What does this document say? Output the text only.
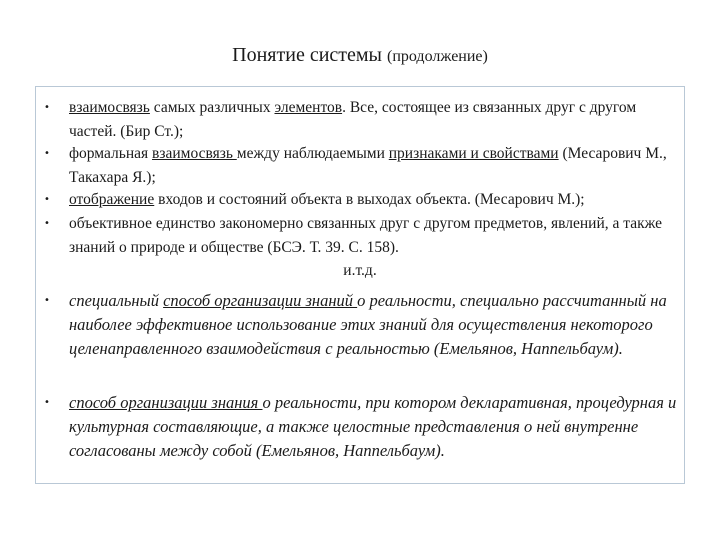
Понятие системы (продолжение)
• взаимосвязь самых различных элементов. Все, состоящее из связанных друг с другом частей. (Бир Ст.);
• формальная взаимосвязь между наблюдаемыми признаками и свойствами (Месарович М., Такахара Я.);
• отображение входов и состояний объекта в выходах объекта. (Месарович М.);
• объективное единство закономерно связанных друг с другом предметов, явлений, а также знаний о природе и обществе (БСЭ. Т. 39. С. 158).
• специальный способ организации знаний о реальности, специально рассчитанный на наиболее эффективное использование этих знаний для осуществления некоторого целенаправленного взаимодействия с реальностью (Емельянов, Наппельбаум).
• способ организации знания о реальности, при котором декларативная, процедурная и культурная составляющие, а также целостные представления о ней внутренне согласованы между собой (Емельянов, Наппельбаум).
и.т.д.
